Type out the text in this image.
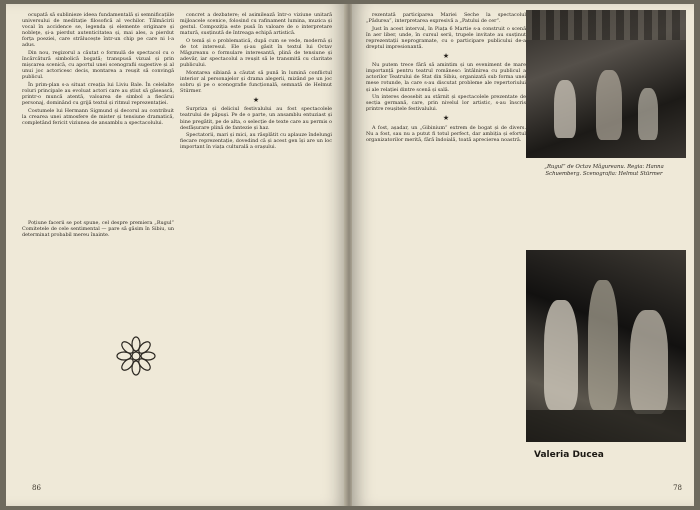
ocupată să sublinieze ideea fundamentală și semnificațiile universului de meditație filosofică al vechilor. Tălmăcirii vocal în accidence se, legenda și elemente originare și nobleţe, și-a pierdut autenticitatea și, mai ales, a pierdut forța poeziei, care strălucește într-un chip pe care ni l-a adus.

Din nou, regizorul a căutat o formulă de spectacol cu o încărcătură simbolică bogată; transpusă vizual și prin mișcarea scenică, cu aportul unei scenografii sugestive și al unui joc actoricesc decis, montarea a reușit să convingă publicul.

În prim-plan s-a situat creația lui Liviu Bale. În celelalte roluri principale au evoluat actori care au știut să găsească, printr-o muncă atentă, valoarea de simbol a fiecărui personaj, dominând cu grijă textul și ritmul reprezentației.

Costumele lui Hermann Sigmund și decorul au contribuit la crearea unei atmosfere de mister și tensiune dramatică, completând fericit viziunea de ansamblu a spectacolului.

Poțiune facerii se pot spune, cel despre premiera „Rugul” Comitetele de cele sentimental — pare să găsim în Sibiu, un determinat probabil mereu înainte.

concret a dezbatere; el asimilează într-o viziune unitară mijloacele scenice, folosind cu rafinament lumina, muzica și gestul. Compoziția este pusă în valoare de o interpretare matură, susținută de întreaga echipă artistică.

O temă și o problematică, după cum se vede, modernă și de tot interesul. Ele și-au găsit în textul lui Octav Măgureanu o formulare interesantă, plină de tensiune și adevăr, iar spectacolul a reușit să le transmită cu claritate publicului.

Montarea sibiană a căutat să pună în lumină conflictul interior al personajelor și drama alegerii, mizând pe un joc sobru și pe o scenografie funcțională, semnată de Helmut Stürmer.

★

Surpriza și deliciul festivalului au fost spectacolele teatrului de păpuși. Pe de o parte, un ansamblu entuziast și bine pregătit, pe de alta, o selecție de texte care au permis o desfășurare plină de fantezie și haz.

Spectatorii, mari și mici, au răsplătit cu aplauze îndelungi fiecare reprezentație, dovedind că și acest gen își are un loc important în viața culturală a orașului.

86

rezentată participarea Mariei Seche la spectacolul „Pădurea”, interpretarea expresivă a „Patului de cer”.

Just în acest interval, în Piața 6 Martie s-a construit o scenă în aer liber, unde, în cursul serii, trupele invitate au susținut reprezentații neprogramate, cu o participare publicului de-a dreptul impresionantă.

★

Nu putem trece fără să amintim și un eveniment de mare importanță pentru teatrul românesc: întâlnirea cu publicul a actorilor Teatrului de Stat din Sibiu, organizată sub forma unei mese rotunde, la care s-au discutat probleme ale repertoriului și ale relației dintre scenă și sală.

Un interes deosebit au stârnit și spectacolele prezentate de secția germană, care, prin nivelul lor artistic, s-au înscris printre reușitele festivalului.

★

A fost, așadar, un „Gibinium” extrem de bogat și de divers. Nu a fost, sau nu a putut fi totul perfect, dar ambiția și efortul organizatorilor merită, fără îndoială, toată aprecierea noastră.

„Rugul” de Octav Măgureanu. Regia: Hanna Schuemberg. Scenografia: Helmut Stürmer
Valeria Ducea
78
